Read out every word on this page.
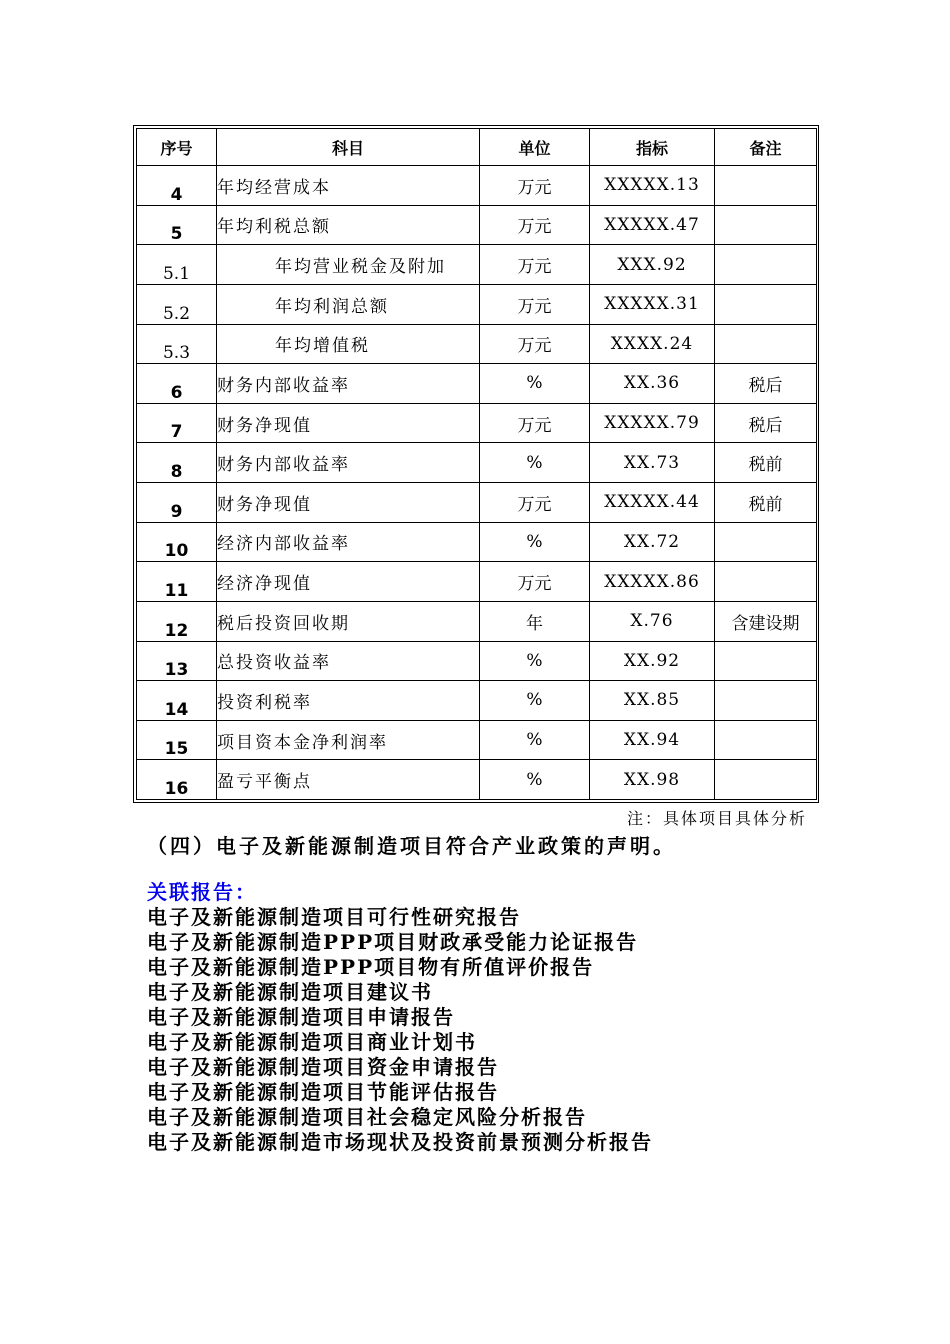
序号	科目	单位	指标	备注
4	年均经营成本	万元	XXXXX.13	
5	年均利税总额	万元	XXXXX.47	
5.1	年均营业税金及附加	万元	XXX.92	
5.2	年均利润总额	万元	XXXXX.31	
5.3	年均增值税	万元	XXXX.24	
6	财务内部收益率	%	XX.36	税后
7	财务净现值	万元	XXXXX.79	税后
8	财务内部收益率	%	XX.73	税前
9	财务净现值	万元	XXXXX.44	税前
10	经济内部收益率	%	XX.72	
11	经济净现值	万元	XXXXX.86	
12	税后投资回收期	年	X.76	含建设期
13	总投资收益率	%	XX.92	
14	投资利税率	%	XX.85	
15	项目资本金净利润率	%	XX.94	
16	盈亏平衡点	%	XX.98	
注：具体项目具体分析
（四）电子及新能源制造项目符合产业政策的声明。
关联报告：
电子及新能源制造项目可行性研究报告
电子及新能源制造PPP项目财政承受能力论证报告
电子及新能源制造PPP项目物有所值评价报告
电子及新能源制造项目建议书
电子及新能源制造项目申请报告
电子及新能源制造项目商业计划书
电子及新能源制造项目资金申请报告
电子及新能源制造项目节能评估报告
电子及新能源制造项目社会稳定风险分析报告
电子及新能源制造市场现状及投资前景预测分析报告
